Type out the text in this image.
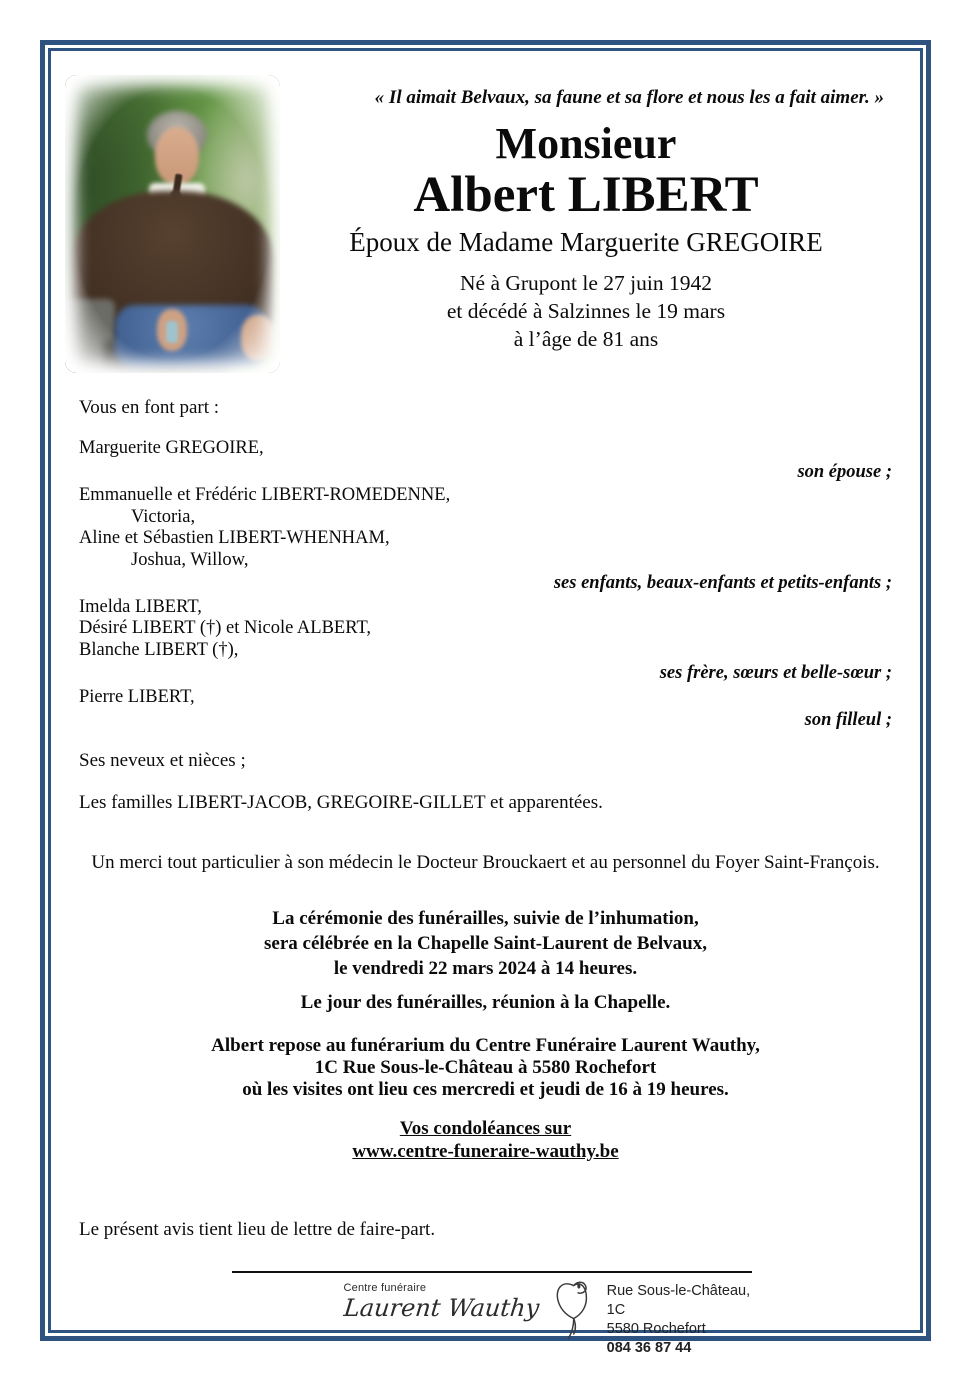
« Il aimait Belvaux, sa faune et sa flore et nous les a fait aimer. »
Monsieur
Albert LIBERT
Époux de Madame Marguerite GREGOIRE
Né à Grupont le 27 juin 1942
et décédé à Salzinnes le 19 mars
à l’âge de 81 ans

Vous en font part :

Marguerite GREGOIRE,
son épouse ;
Emmanuelle et Frédéric LIBERT-ROMEDENNE,
Victoria,
Aline et Sébastien LIBERT-WHENHAM,
Joshua, Willow,
ses enfants, beaux-enfants et petits-enfants ;
Imelda LIBERT,
Désiré LIBERT (†) et Nicole ALBERT,
Blanche LIBERT (†),
ses frère, sœurs et belle-sœur ;
Pierre LIBERT,
son filleul ;
Ses neveux et nièces ;
Les familles LIBERT-JACOB, GREGOIRE-GILLET et apparentées.
Un merci tout particulier à son médecin le Docteur Brouckaert et au personnel du Foyer Saint-François.
La cérémonie des funérailles, suivie de l’inhumation,
sera célébrée en la Chapelle Saint-Laurent de Belvaux,
le vendredi 22 mars 2024 à 14 heures.
Le jour des funérailles, réunion à la Chapelle.
Albert repose au funérarium du Centre Funéraire Laurent Wauthy,
1C Rue Sous-le-Château à 5580 Rochefort
où les visites ont lieu ces mercredi et jeudi de 16 à 19 heures.
Vos condoléances sur
www.centre-funeraire-wauthy.be
Le présent avis tient lieu de lettre de faire-part.
Centre funéraire
Laurent Wauthy
Rue Sous-le-Château, 1C
5580 Rochefort
084 36 87 44
